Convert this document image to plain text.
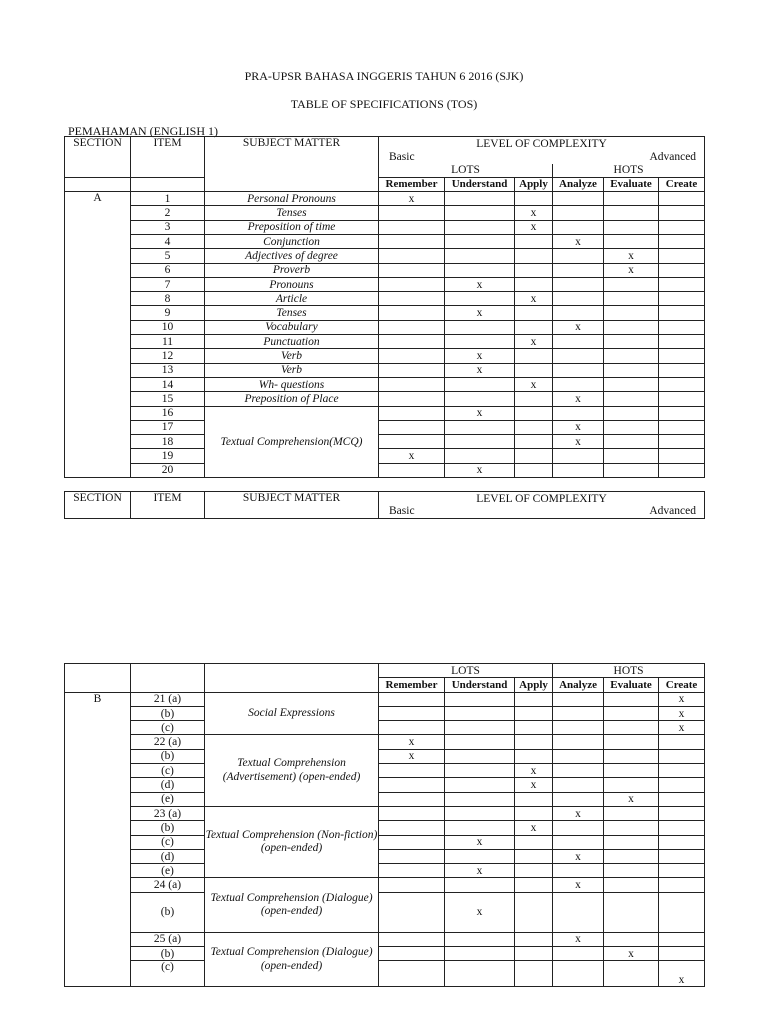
PRA-UPSR BAHASA INGGERIS TAHUN 6 2016 (SJK)
TABLE OF SPECIFICATIONS (TOS)
PEMAHAMAN (ENGLISH 1)
SECTION	ITEM	SUBJECT MATTER	LEVEL OF COMPLEXITY
Basic Advanced					

			LOTS			HOTS		
			Remember	Understand	Apply	Analyze	Evaluate	Create
A	1	Personal Pronouns	x					
	2	Tenses			x			
	3	Preposition of time			x			
	4	Conjunction				x		
	5	Adjectives of degree					x	
	6	Proverb					x	
	7	Pronouns		x				
	8	Article			x			
	9	Tenses		x				
	10	Vocabulary				x		
	11	Punctuation			x			
	12	Verb		x				
	13	Verb		x				
	14	Wh- questions			x			
	15	Preposition of Place				x		
	16	Textual Comprehension(MCQ)		x				
	17					x		
	18					x		
	19		x					
	20			x				
SECTION	ITEM	SUBJECT MATTER	LEVEL OF COMPLEXITY
Basic	Advanced
			LOTS			HOTS		
			Remember	Understand	Apply	Analyze	Evaluate	Create
B	21 (a)	Social Expressions						x
	(b)							x
	(c)							x
	22 (a)	Textual Comprehension (Advertisement) (open-ended)	x					
	(b)		x					
	(c)				x			
	(d)				x			
	(e)						x	
	23 (a)	Textual Comprehension (Non-fiction) (open-ended)				x		
	(b)				x			
	(c)			x				
	(d)					x		
	(e)			x				
	24 (a)	Textual Comprehension (Dialogue) (open-ended)				x		
	(b)			x				
	25 (a)	Textual Comprehension (Dialogue) (open-ended)				x		
	(b)						x	
	(c)							x
